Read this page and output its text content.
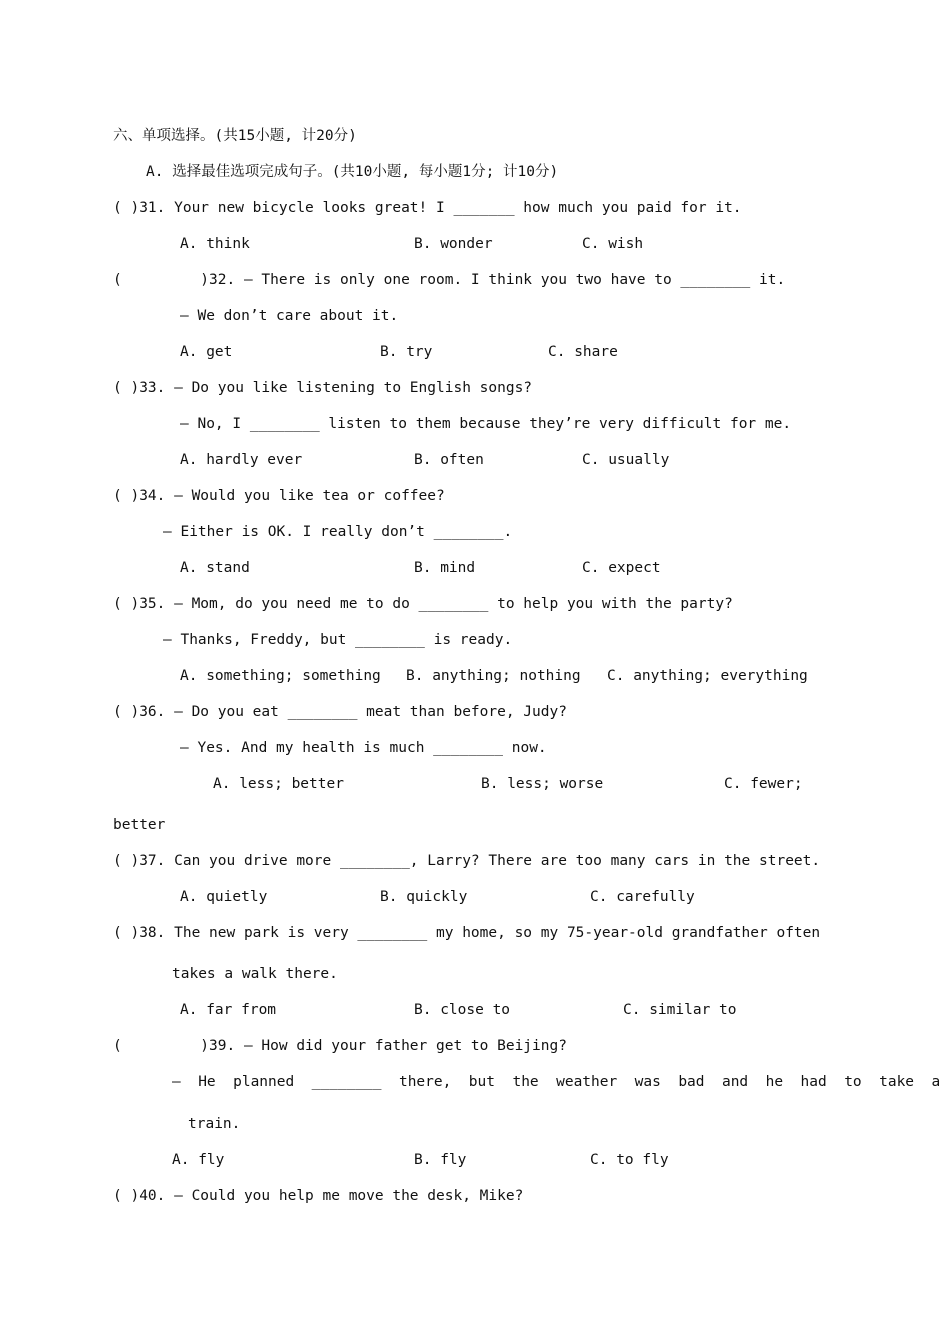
六、单项选择。(共15小题, 计20分)
A. 选择最佳选项完成句子。(共10小题, 每小题1分; 计10分)
( )31. Your new bicycle looks great! I _______ how much you paid for it.
A. think	B. wonder	C. wish
(         )32. — There is only one room. I think you two have to ________ it.
— We don’t care about it.
A. get	B. try	C. share
( )33. — Do you like listening to English songs?
— No, I ________ listen to them because they’re very difficult for me.
A. hardly ever	B. often	C. usually
( )34. — Would you like tea or coffee?
— Either is OK. I really don’t ________.
A. stand	B. mind	C. expect
( )35. — Mom, do you need me to do ________ to help you with the party?
— Thanks, Freddy, but ________ is ready.
A. something; something B. anything; nothing C. anything; everything
( )36. — Do you eat ________ meat than before, Judy?
— Yes. And my health is much ________ now.
A. less; better	B. less; worse	C. fewer;
better
( )37. Can you drive more ________, Larry? There are too many cars in the street.
A. quietly	B. quickly	C. carefully
( )38. The new park is very ________ my home, so my 75-year-old grandfather often
takes a walk there.
A. far from	B. close to	C. similar to
(         )39. — How did your father get to Beijing?
—  He  planned  ________  there,  but  the  weather  was  bad  and  he  had  to  take  a
train.
A. fly	B. fly	C. to fly
( )40. — Could you help me move the desk, Mike?
